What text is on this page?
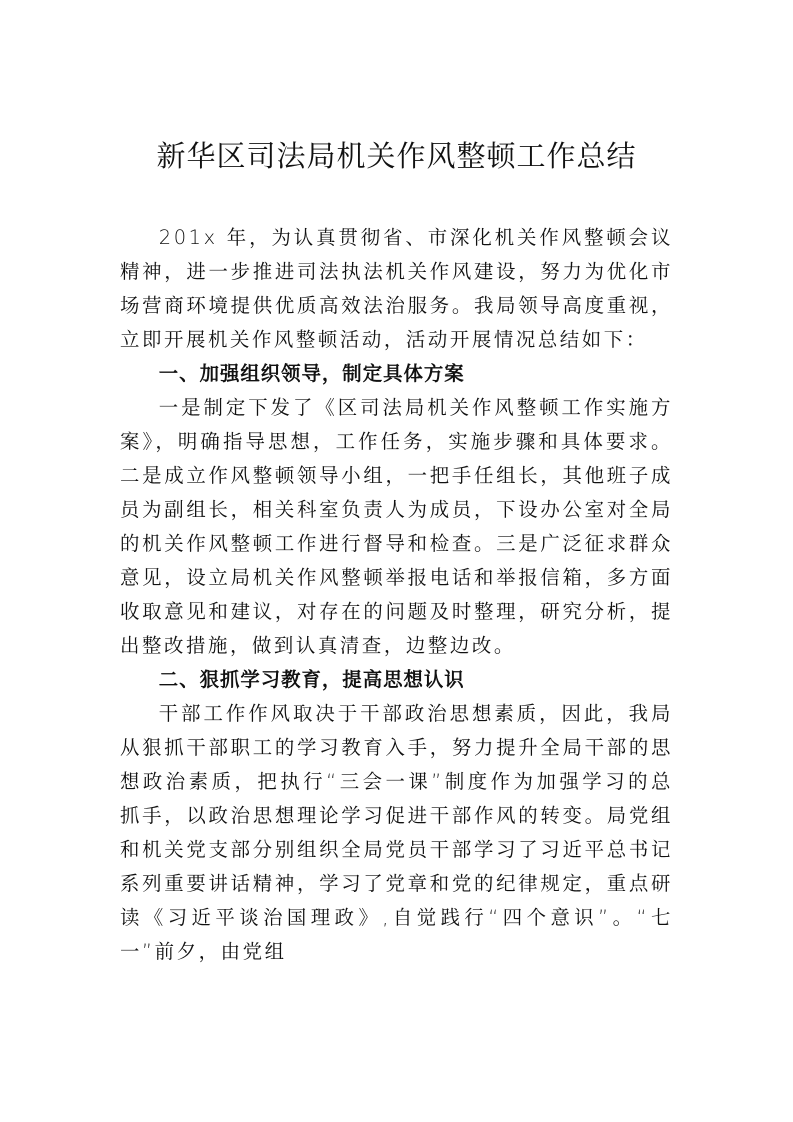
新华区司法局机关作风整顿工作总结

201x 年，为认真贯彻省、市深化机关作风整顿会议精神，进一步推进司法执法机关作风建设，努力为优化市场营商环境提供优质高效法治服务。我局领导高度重视，立即开展机关作风整顿活动，活动开展情况总结如下：

一、加强组织领导，制定具体方案

一是制定下发了《区司法局机关作风整顿工作实施方案》，明确指导思想，工作任务，实施步骤和具体要求。二是成立作风整顿领导小组，一把手任组长，其他班子成员为副组长，相关科室负责人为成员，下设办公室对全局的机关作风整顿工作进行督导和检查。三是广泛征求群众意见，设立局机关作风整顿举报电话和举报信箱，多方面收取意见和建议，对存在的问题及时整理，研究分析，提出整改措施，做到认真清查，边整边改。

二、狠抓学习教育，提高思想认识

干部工作作风取决于干部政治思想素质，因此，我局从狠抓干部职工的学习教育入手，努力提升全局干部的思想政治素质，把执行“三会一课”制度作为加强学习的总抓手，以政治思想理论学习促进干部作风的转变。局党组和机关党支部分别组织全局党员干部学习了习近平总书记系列重要讲话精神，学习了党章和党的纪律规定，重点研读《习近平谈治国理政》,自觉践行“四个意识”。“七一”前夕，由党组
